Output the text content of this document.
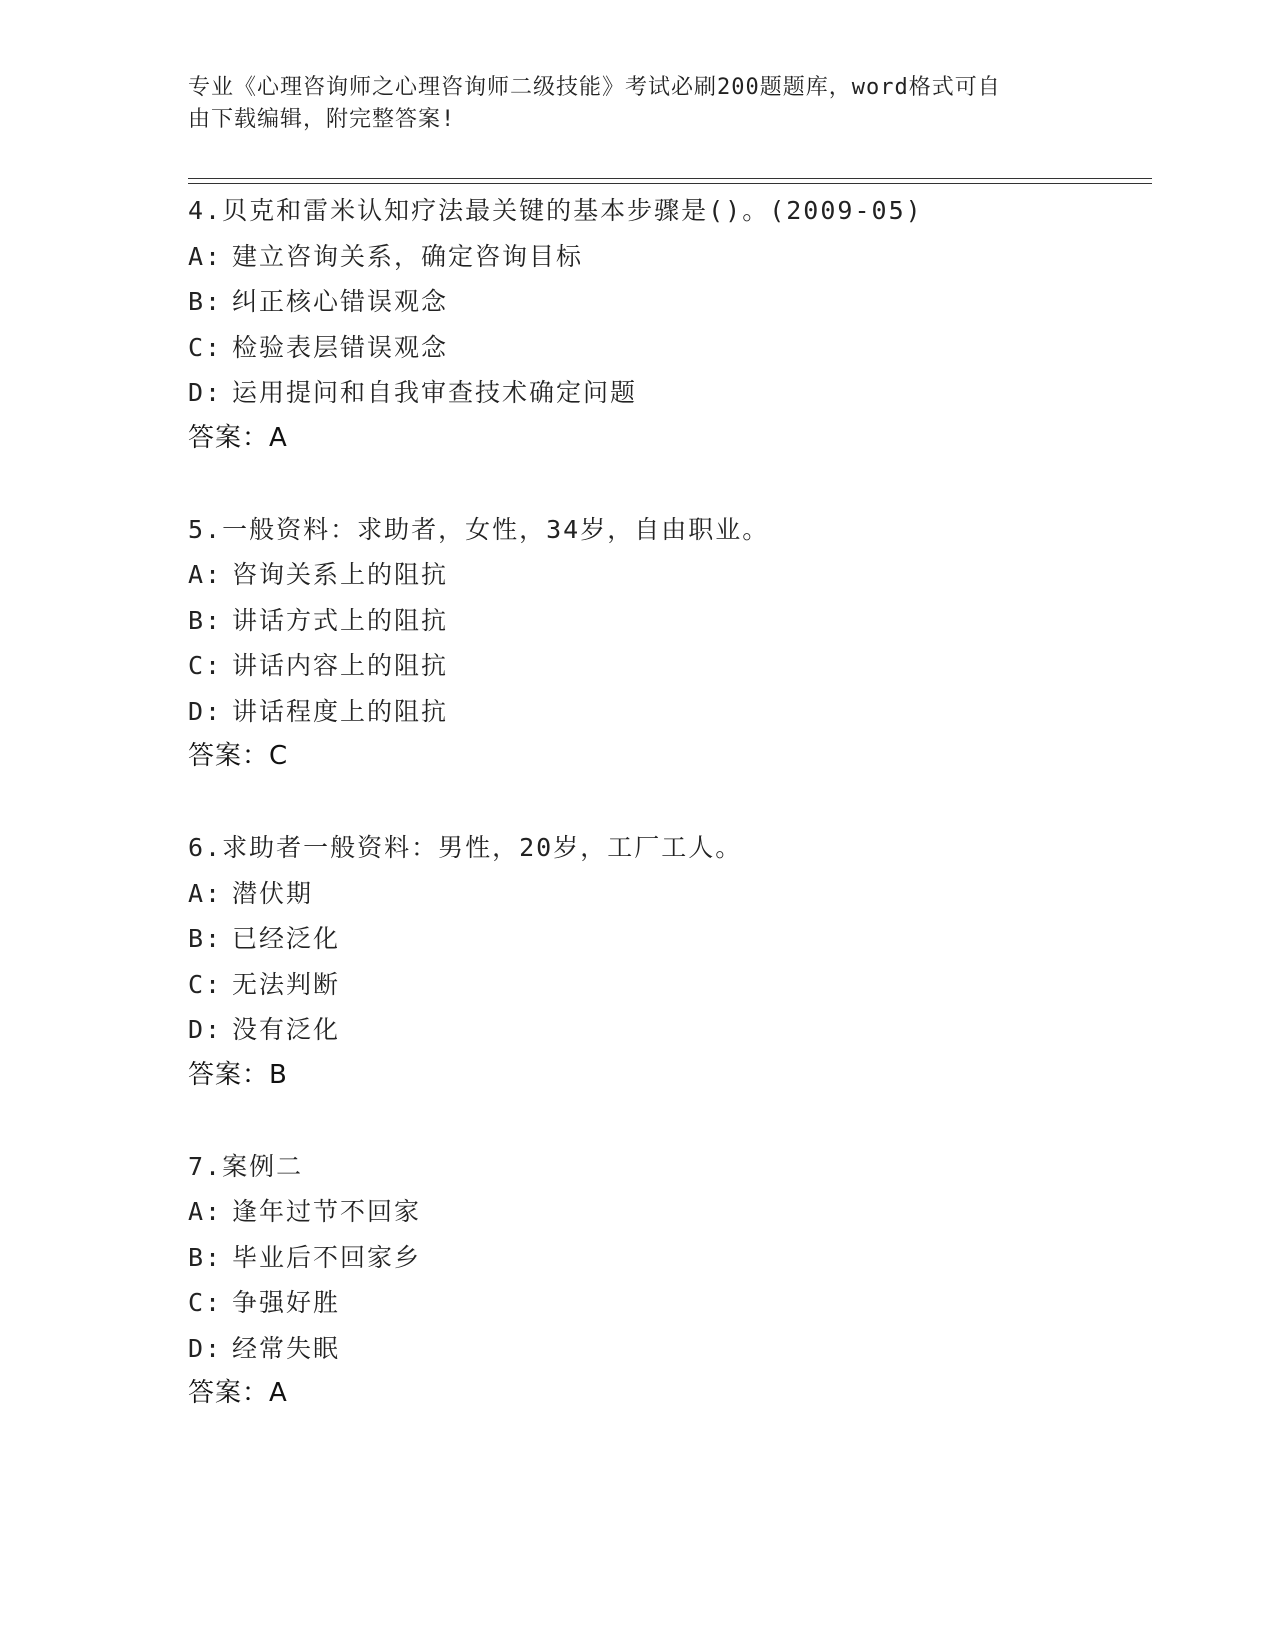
专业《心理咨询师之心理咨询师二级技能》考试必刷200题题库，word格式可自
由下载编辑，附完整答案!
4.贝克和雷米认知疗法最关键的基本步骤是()。(2009-05)
A: 建立咨询关系，确定咨询目标
B: 纠正核心错误观念
C: 检验表层错误观念
D: 运用提问和自我审查技术确定问题
答案：A
5.一般资料：求助者，女性，34岁，自由职业。
A: 咨询关系上的阻抗
B: 讲话方式上的阻抗
C: 讲话内容上的阻抗
D: 讲话程度上的阻抗
答案：C
6.求助者一般资料：男性，20岁，工厂工人。
A: 潜伏期
B: 已经泛化
C: 无法判断
D: 没有泛化
答案：B
7.案例二
A: 逢年过节不回家
B: 毕业后不回家乡
C: 争强好胜
D: 经常失眠
答案：A
